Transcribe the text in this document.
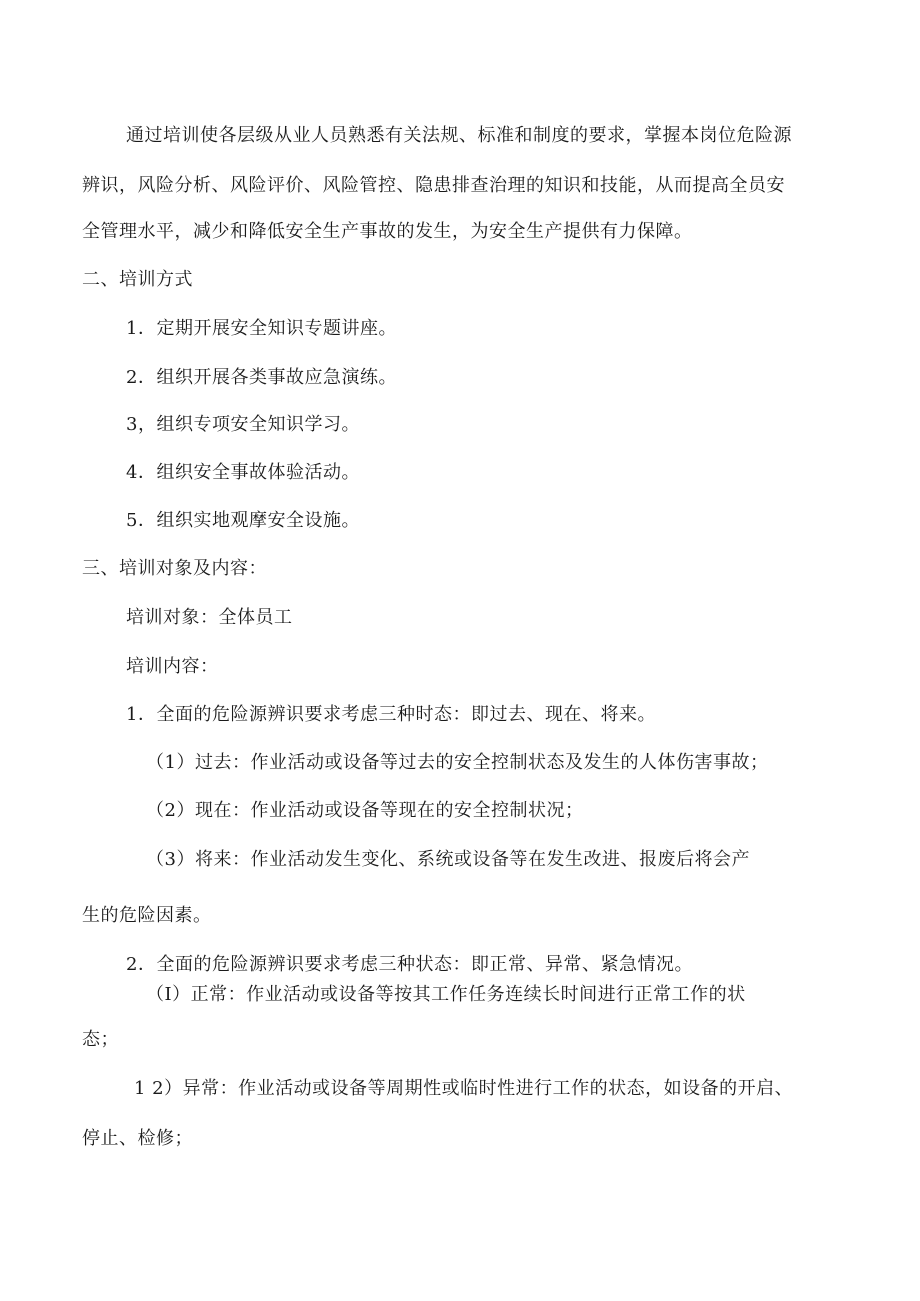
通过培训使各层级从业人员熟悉有关法规、标准和制度的要求，掌握本岗位危险源
辨识，风险分析、风险评价、风险管控、隐患排查治理的知识和技能，从而提高全员安
全管理水平，减少和降低安全生产事故的发生，为安全生产提供有力保障。
二、培训方式
1．定期开展安全知识专题讲座。
2．组织开展各类事故应急演练。
3，组织专项安全知识学习。
4．组织安全事故体验活动。
5．组织实地观摩安全设施。
三、培训对象及内容：
培训对象：全体员工
培训内容：
1．全面的危险源辨识要求考虑三种时态：即过去、现在、将来。
（1）过去：作业活动或设备等过去的安全控制状态及发生的人体伤害事故；
（2）现在：作业活动或设备等现在的安全控制状况；
（3）将来：作业活动发生变化、系统或设备等在发生改进、报废后将会产
生的危险因素。
2．全面的危险源辨识要求考虑三种状态：即正常、异常、紧急情况。
（I）正常：作业活动或设备等按其工作任务连续长时间进行正常工作的状
态；
1 2）异常：作业活动或设备等周期性或临时性进行工作的状态，如设备的开启、
停止、检修；
